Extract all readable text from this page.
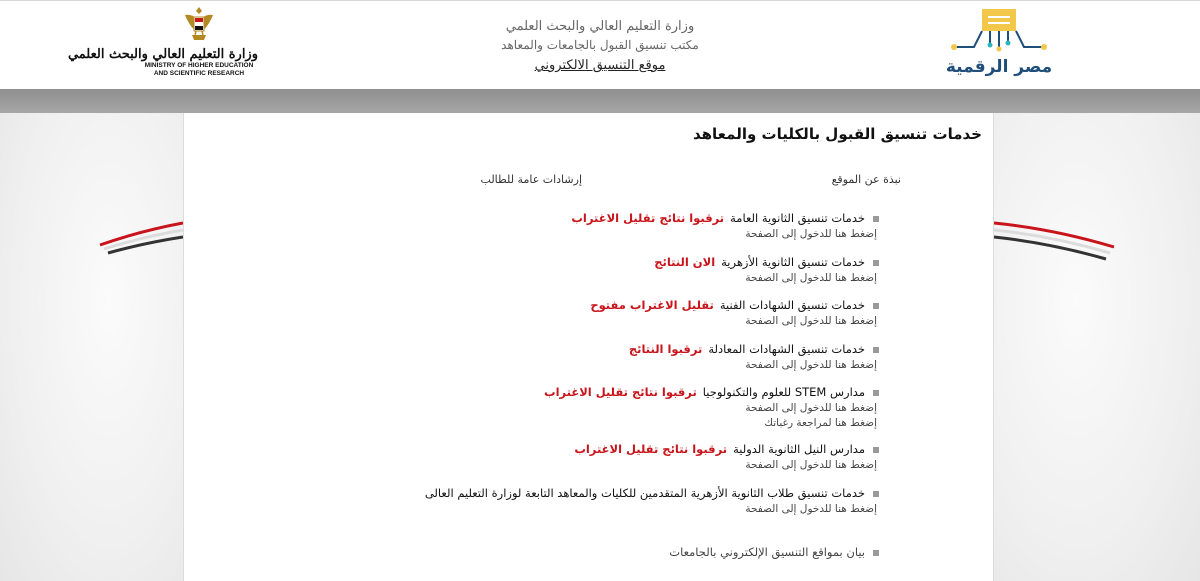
وزارة التعليم العالي والبحث العلمي
MINISTRY OF HIGHER EDUCATION
AND SCIENTIFIC RESEARCH
وزارة التعليم العالي والبحث العلمي
مكتب تنسيق القبول بالجامعات والمعاهد
موقع التنسيق الالكتروني	مصر الرقمية
خدمات تنسيق القبول بالكليات والمعاهد
نبذة عن الموقع
إرشادات عامة للطالب
خدمات تنسيق الثانوية العامةترقبوا نتائج تقليل الاغتراب
إضغط هنا للدخول إلى الصفحة
خدمات تنسيق الثانوية الأزهريةالان النتائج
إضغط هنا للدخول إلى الصفحة
خدمات تنسيق الشهادات الفنيةتقليل الاغتراب مفتوح
إضغط هنا للدخول إلى الصفحة
خدمات تنسيق الشهادات المعادلةترقبوا النتائج
إضغط هنا للدخول إلى الصفحة
مدارس STEM للعلوم والتكنولوجياترقبوا نتائج تقليل الاغتراب
إضغط هنا للدخول إلى الصفحة
إضغط هنا لمراجعة رغباتك
مدارس النيل الثانوية الدوليةترقبوا نتائج تقليل الاغتراب
إضغط هنا للدخول إلى الصفحة
خدمات تنسيق طلاب الثانوية الأزهرية المتقدمين للكليات والمعاهد التابعة لوزارة التعليم العالى
إضغط هنا للدخول إلى الصفحة
بيان بمواقع التنسيق الإلكتروني بالجامعات
